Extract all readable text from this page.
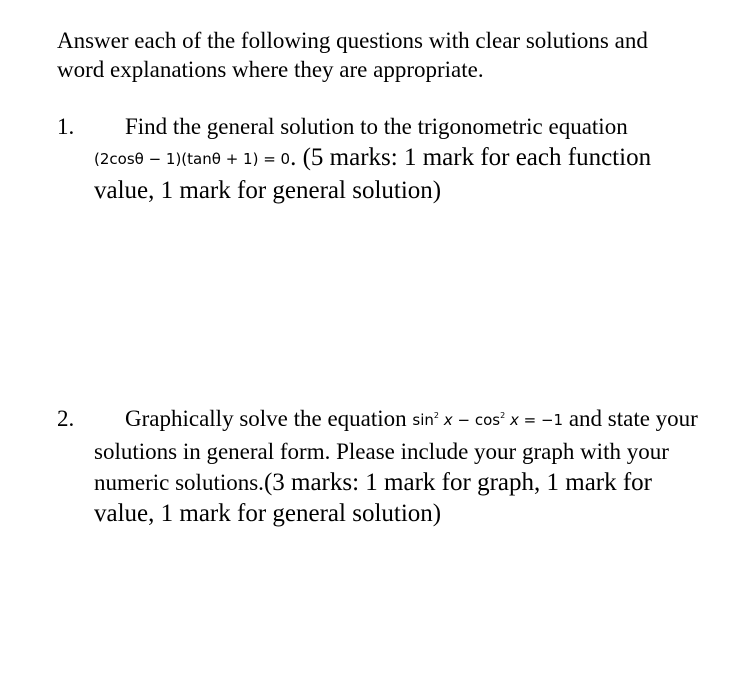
Answer each of the following questions with clear solutions and
word explanations where they are appropriate.
1.	Find the general solution to the trigonometric equation
(2cosθ − 1)(tanθ + 1) = 0. (5 marks: 1 mark for each function value, 1 mark for general solution)
2.	Graphically solve the equation $\sin^2 x - \cos^2 x = -1$ and state your solutions in general form. Please include your graph with your numeric solutions.(3 marks: 1 mark for graph, 1 mark for value, 1 mark for general solution)
